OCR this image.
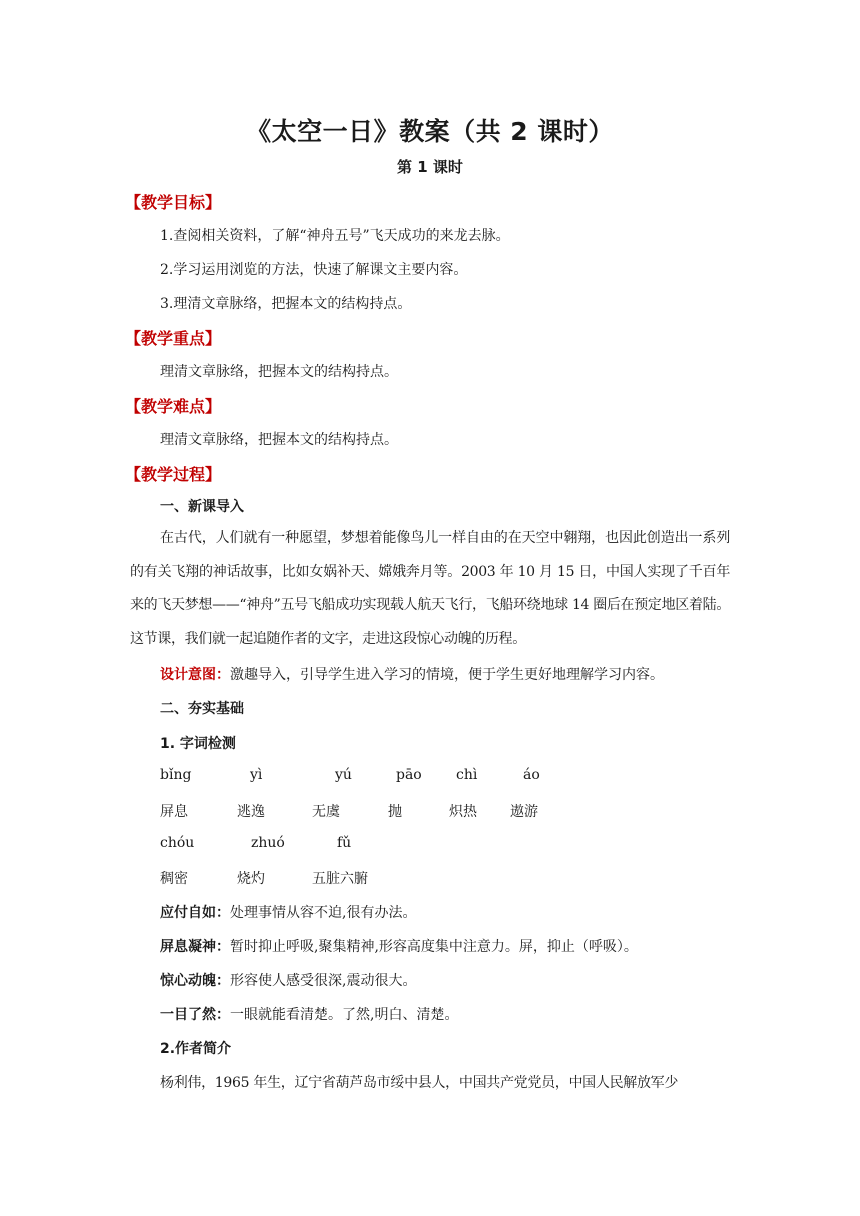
《太空一日》教案（共 2 课时）
第 1 课时
【教学目标】
1.查阅相关资料，了解“神舟五号”飞天成功的来龙去脉。
2.学习运用浏览的方法，快速了解课文主要内容。
3.理清文章脉络，把握本文的结构持点。
【教学重点】
理清文章脉络，把握本文的结构持点。
【教学难点】
理清文章脉络，把握本文的结构持点。
【教学过程】
一、新课导入

在古代，人们就有一种愿望，梦想着能像鸟儿一样自由的在天空中翱翔，也因此创造出一系列的有关飞翔的神话故事，比如女娲补天、嫦娥奔月等。2003 年 10 月 15 日，中国人实现了千百年来的飞天梦想——“神舟”五号飞船成功实现载人航天飞行，飞船环绕地球 14 圈后在预定地区着陆。这节课，我们就一起追随作者的文字，走进这段惊心动魄的历程。

设计意图：激趣导入，引导学生进入学习的情境，便于学生更好地理解学习内容。
二、夯实基础
1. 字词检测
bǐng	yì	yú	pāo chì	áo
屏息	逃逸	无虞	抛	炽热 遨游
chóu	zhuó	fǔ
稠密	烧灼	五脏六腑
应付自如：处理事情从容不迫,很有办法。
屏息凝神：暂时抑止呼吸,聚集精神,形容高度集中注意力。屏，抑止（呼吸）。
惊心动魄：形容使人感受很深,震动很大。
一目了然：一眼就能看清楚。了然,明白、清楚。
2.作者简介
杨利伟，1965 年生，辽宁省葫芦岛市绥中县人，中国共产党党员，中国人民解放军少
